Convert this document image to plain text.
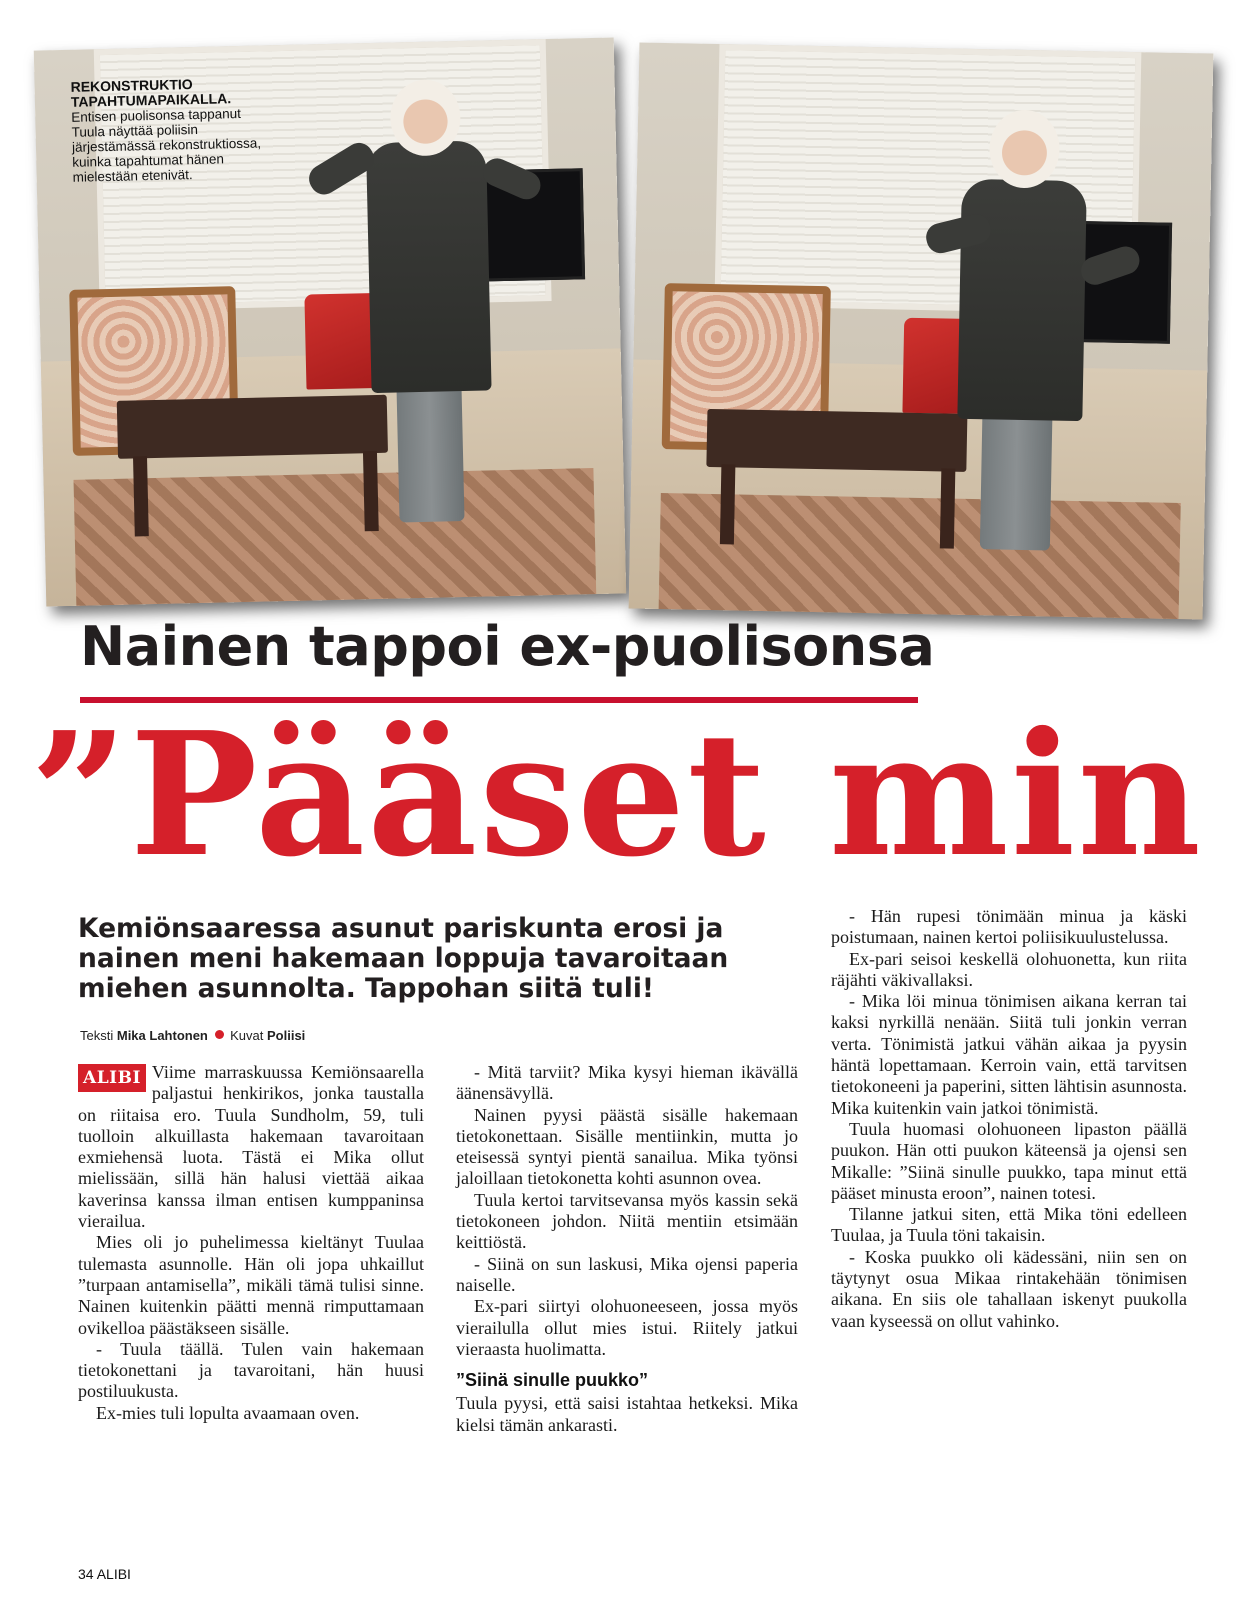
REKONSTRUKTIO TAPAHTUMAPAIKALLA.
Entisen puolisonsa tappanut Tuula näyttää poliisin järjestämässä rekonstruktiossa, kuinka tapahtumat hänen mielestään etenivät.
Nainen tappoi ex-puolisonsa
”Pääset min
Kemiönsaaressa asunut pariskunta erosi ja nainen meni hakemaan loppuja tavaroitaan miehen asunnolta. Tappohan siitä tuli!
Teksti Mika Lahtonen Kuvat Poliisi
ALIBI Viime marraskuussa Kemiönsaarella paljastui henkirikos, jonka taustalla on riitaisa ero. Tuula Sundholm, 59, tuli tuolloin alkuillasta hakemaan tavaroitaan exmiehensä luota. Tästä ei Mika ollut mielissään, sillä hän halusi viettää aikaa kaverinsa kanssa ilman entisen kumppaninsa vierailua.

Mies oli jo puhelimessa kieltänyt Tuulaa tulemasta asunnolle. Hän oli jopa uhkaillut ”turpaan antamisella”, mikäli tämä tulisi sinne. Nainen kuitenkin päätti mennä rimputtamaan ovikelloa päästäkseen sisälle.

- Tuula täällä. Tulen vain hakemaan tietokonettani ja tavaroitani, hän huusi postiluukusta.

Ex-mies tuli lopulta avaamaan oven.

- Mitä tarviit? Mika kysyi hieman ikävällä äänensävyllä.

Nainen pyysi päästä sisälle hakemaan tietokonettaan. Sisälle mentiinkin, mutta jo eteisessä syntyi pientä sanailua. Mika työnsi jaloillaan tietokonetta kohti asunnon ovea.

Tuula kertoi tarvitsevansa myös kassin sekä tietokoneen johdon. Niitä mentiin etsimään keittiöstä.

- Siinä on sun laskusi, Mika ojensi paperia naiselle.

Ex-pari siirtyi olohuoneeseen, jossa myös vierailulla ollut mies istui. Riitely jatkui vieraasta huolimatta.

”Siinä sinulle puukko”

Tuula pyysi, että saisi istahtaa hetkeksi. Mika kielsi tämän ankarasti.

- Hän rupesi tönimään minua ja käski poistumaan, nainen kertoi poliisikuulustelussa.

Ex-pari seisoi keskellä olohuonetta, kun riita räjähti väkivallaksi.

- Mika löi minua tönimisen aikana kerran tai kaksi nyrkillä nenään. Siitä tuli jonkin verran verta. Tönimistä jatkui vähän aikaa ja pyysin häntä lopettamaan. Kerroin vain, että tarvitsen tietokoneeni ja paperini, sitten lähtisin asunnosta. Mika kuitenkin vain jatkoi tönimistä.

Tuula huomasi olohuoneen lipaston päällä puukon. Hän otti puukon käteensä ja ojensi sen Mikalle: ”Siinä sinulle puukko, tapa minut että pääset minusta eroon”, nainen totesi.

Tilanne jatkui siten, että Mika töni edelleen Tuulaa, ja Tuula töni takaisin.

- Koska puukko oli kädessäni, niin sen on täytynyt osua Mikaa rintakehään tönimisen aikana. En siis ole tahallaan iskenyt puukolla vaan kyseessä on ollut vahinko.

34 ALIBI
